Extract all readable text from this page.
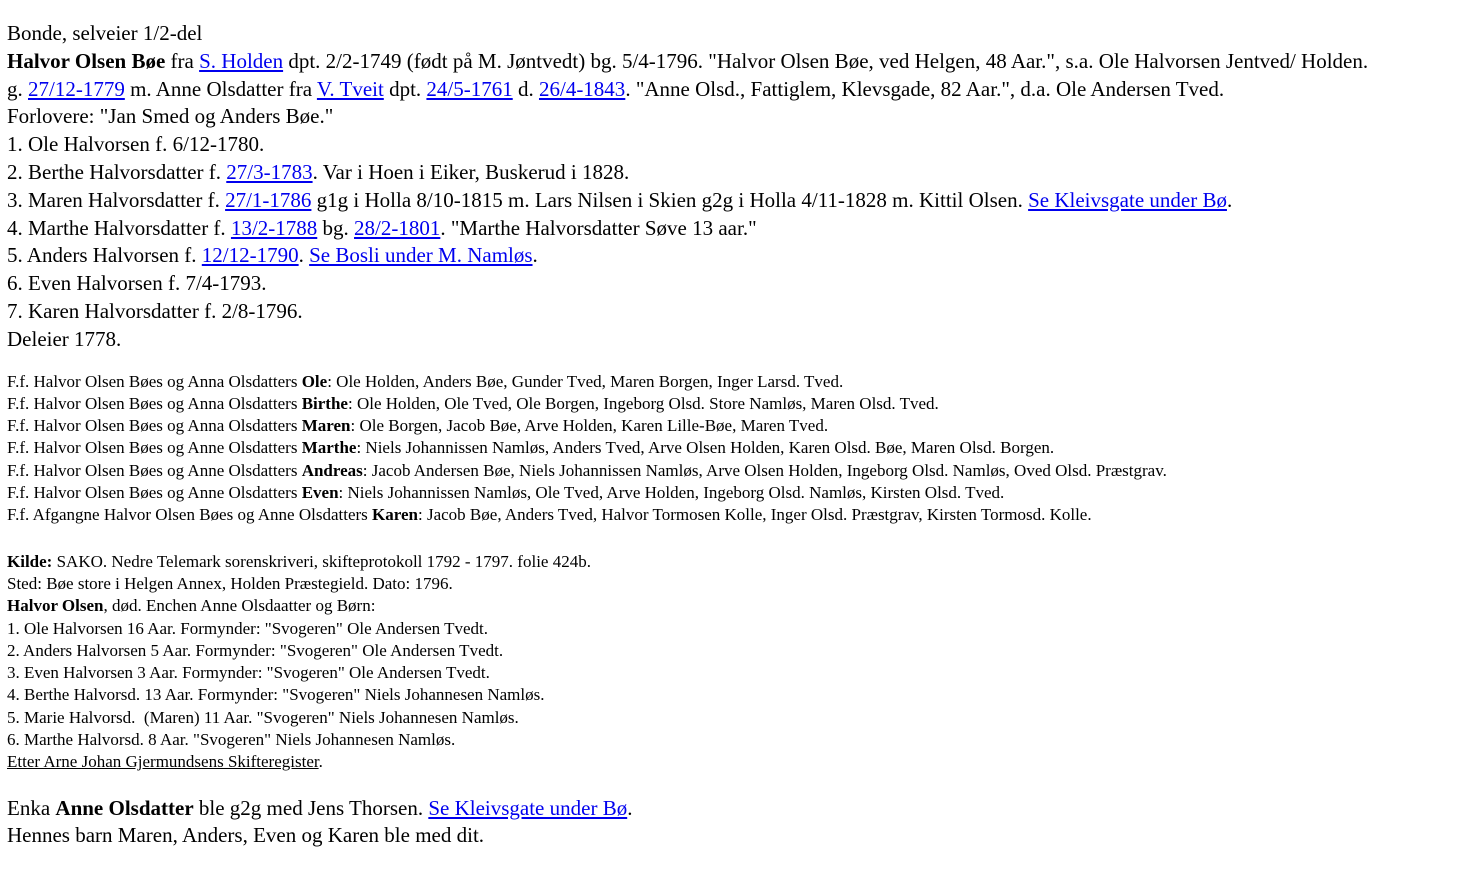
Bonde, selveier 1/2-del
Halvor Olsen Bøe fra S. Holden dpt. 2/2-1749 (født på M. Jøntvedt) bg. 5/4-1796. "Halvor Olsen Bøe, ved Helgen, 48 Aar.", s.a. Ole Halvorsen Jentved/ Holden.
g. 27/12-1779 m. Anne Olsdatter fra V. Tveit dpt. 24/5-1761 d. 26/4-1843. "Anne Olsd., Fattiglem, Klevsgade, 82 Aar.", d.a. Ole Andersen Tved.
Forlovere: "Jan Smed og Anders Bøe."
1. Ole Halvorsen f. 6/12-1780.
2. Berthe Halvorsdatter f. 27/3-1783. Var i Hoen i Eiker, Buskerud i 1828.
3. Maren Halvorsdatter f. 27/1-1786 g1g i Holla 8/10-1815 m. Lars Nilsen i Skien g2g i Holla 4/11-1828 m. Kittil Olsen. Se Kleivsgate under Bø.
4. Marthe Halvorsdatter f. 13/2-1788 bg. 28/2-1801. "Marthe Halvorsdatter Søve 13 aar."
5. Anders Halvorsen f. 12/12-1790. Se Bosli under M. Namløs.
6. Even Halvorsen f. 7/4-1793.
7. Karen Halvorsdatter f. 2/8-1796.
Deleier 1778.
F.f. Halvor Olsen Bøes og Anna Olsdatters Ole: Ole Holden, Anders Bøe, Gunder Tved, Maren Borgen, Inger Larsd. Tved.
F.f. Halvor Olsen Bøes og Anna Olsdatters Birthe: Ole Holden, Ole Tved, Ole Borgen, Ingeborg Olsd. Store Namløs, Maren Olsd. Tved.
F.f. Halvor Olsen Bøes og Anna Olsdatters Maren: Ole Borgen, Jacob Bøe, Arve Holden, Karen Lille-Bøe, Maren Tved.
F.f. Halvor Olsen Bøes og Anne Olsdatters Marthe: Niels Johannissen Namløs, Anders Tved, Arve Olsen Holden, Karen Olsd. Bøe, Maren Olsd. Borgen.
F.f. Halvor Olsen Bøes og Anne Olsdatters Andreas: Jacob Andersen Bøe, Niels Johannissen Namløs, Arve Olsen Holden, Ingeborg Olsd. Namløs, Oved Olsd. Præstgrav.
F.f. Halvor Olsen Bøes og Anne Olsdatters Even: Niels Johannissen Namløs, Ole Tved, Arve Holden, Ingeborg Olsd. Namløs, Kirsten Olsd. Tved.
F.f. Afgangne Halvor Olsen Bøes og Anne Olsdatters Karen: Jacob Bøe, Anders Tved, Halvor Tormosen Kolle, Inger Olsd. Præstgrav, Kirsten Tormosd. Kolle.
Kilde: SAKO. Nedre Telemark sorenskriveri, skifteprotokoll 1792 - 1797. folie 424b.
Sted: Bøe store i Helgen Annex, Holden Præstegield. Dato: 1796.
Halvor Olsen, død. Enchen Anne Olsdaatter og Børn:
1. Ole Halvorsen 16 Aar. Formynder: "Svogeren" Ole Andersen Tvedt.
2. Anders Halvorsen 5 Aar. Formynder: "Svogeren" Ole Andersen Tvedt.
3. Even Halvorsen 3 Aar. Formynder: "Svogeren" Ole Andersen Tvedt.
4. Berthe Halvorsd. 13 Aar. Formynder: "Svogeren" Niels Johannesen Namløs.
5. Marie Halvorsd.  (Maren) 11 Aar. "Svogeren" Niels Johannesen Namløs.
6. Marthe Halvorsd. 8 Aar. "Svogeren" Niels Johannesen Namløs.
Etter Arne Johan Gjermundsens Skifteregister.
Enka Anne Olsdatter ble g2g med Jens Thorsen. Se Kleivsgate under Bø.
Hennes barn Maren, Anders, Even og Karen ble med dit.
